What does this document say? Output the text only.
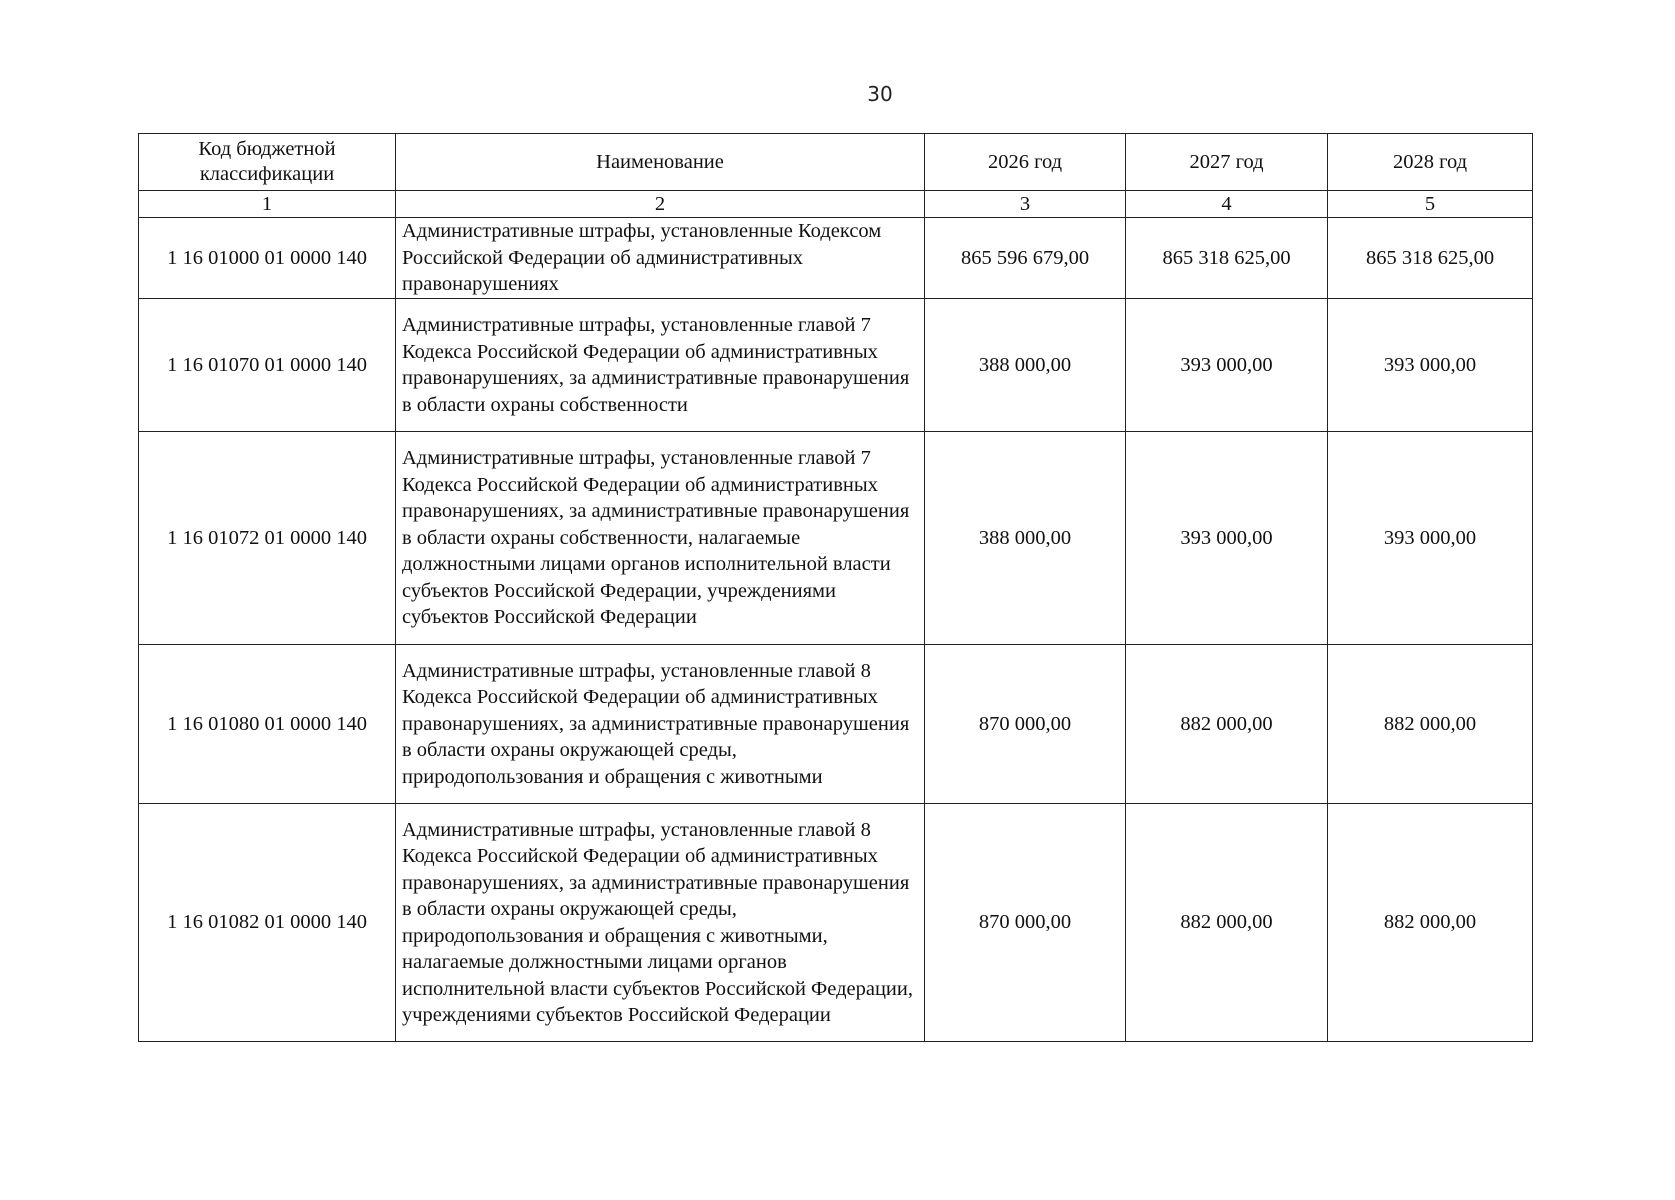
30
Код бюджетной классификации	Наименование	2026 год	2027 год	2028 год
1	2	3	4	5
1 16 01000 01 0000 140	Административные штрафы, установленные Кодексом Российской Федерации об административных правонарушениях	865 596 679,00	865 318 625,00	865 318 625,00
1 16 01070 01 0000 140	Административные штрафы, установленные главой 7 Кодекса Российской Федерации об административных правонарушениях, за административные правонарушения в области охраны собственности	388 000,00	393 000,00	393 000,00
1 16 01072 01 0000 140	Административные штрафы, установленные главой 7 Кодекса Российской Федерации об административных правонарушениях, за административные правонарушения в области охраны собственности, налагаемые должностными лицами органов исполнительной власти субъектов Российской Федерации, учреждениями субъектов Российской Федерации	388 000,00	393 000,00	393 000,00
1 16 01080 01 0000 140	Административные штрафы, установленные главой 8 Кодекса Российской Федерации об административных правонарушениях, за административные правонарушения в области охраны окружающей среды, природопользования и обращения с животными	870 000,00	882 000,00	882 000,00
1 16 01082 01 0000 140	Административные штрафы, установленные главой 8 Кодекса Российской Федерации об административных правонарушениях, за административные правонарушения в области охраны окружающей среды, природопользования и обращения с животными, налагаемые должностными лицами органов исполнительной власти субъектов Российской Федерации, учреждениями субъектов Российской Федерации	870 000,00	882 000,00	882 000,00
